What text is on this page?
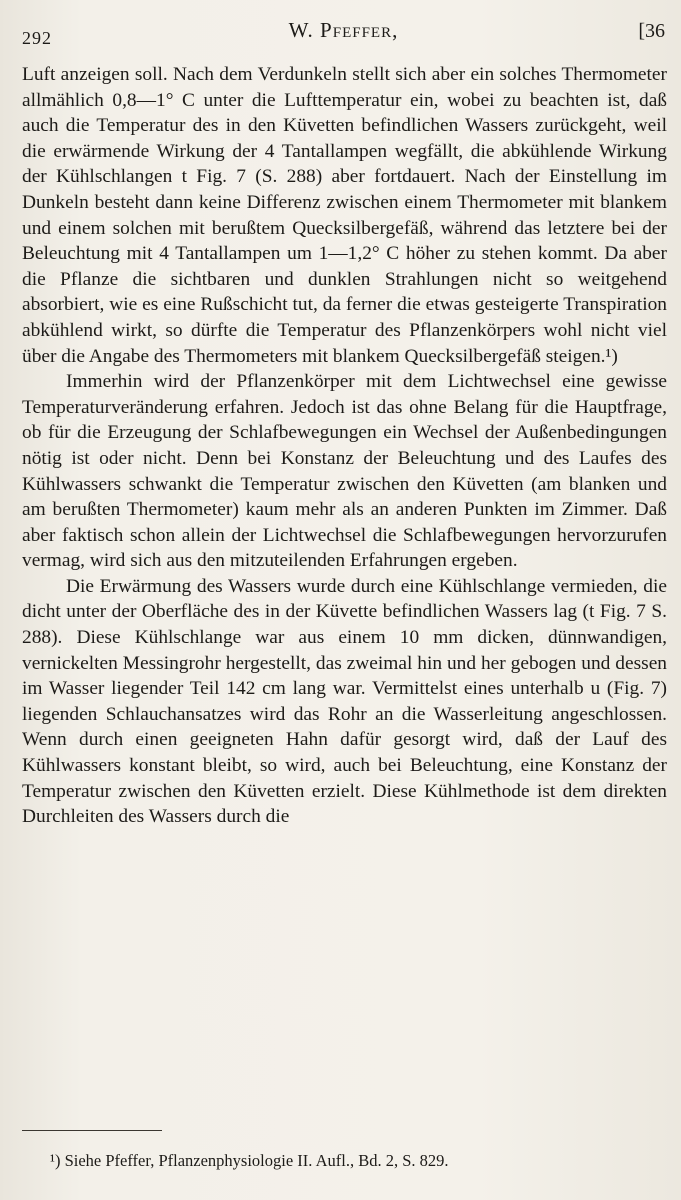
292	W. Pfeffer,	[36

Luft anzeigen soll. Nach dem Verdunkeln stellt sich aber ein solches Thermometer allmählich 0,8—1° C unter die Lufttemperatur ein, wobei zu beachten ist, daß auch die Temperatur des in den Küvetten befindlichen Wassers zurückgeht, weil die erwärmende Wirkung der 4 Tantallampen wegfällt, die abkühlende Wirkung der Kühlschlangen t Fig. 7 (S. 288) aber fortdauert. Nach der Einstellung im Dunkeln besteht dann keine Differenz zwischen einem Thermometer mit blankem und einem solchen mit berußtem Quecksilbergefäß, während das letztere bei der Beleuchtung mit 4 Tantallampen um 1—1,2° C höher zu stehen kommt. Da aber die Pflanze die sichtbaren und dunklen Strahlungen nicht so weitgehend absorbiert, wie es eine Rußschicht tut, da ferner die etwas gesteigerte Transpiration abkühlend wirkt, so dürfte die Temperatur des Pflanzenkörpers wohl nicht viel über die Angabe des Thermometers mit blankem Quecksilbergefäß steigen.¹)

Immerhin wird der Pflanzenkörper mit dem Lichtwechsel eine gewisse Temperaturveränderung erfahren. Jedoch ist das ohne Belang für die Hauptfrage, ob für die Erzeugung der Schlafbewegungen ein Wechsel der Außenbedingungen nötig ist oder nicht. Denn bei Konstanz der Beleuchtung und des Laufes des Kühlwassers schwankt die Temperatur zwischen den Küvetten (am blanken und am berußten Thermometer) kaum mehr als an anderen Punkten im Zimmer. Daß aber faktisch schon allein der Lichtwechsel die Schlafbewegungen hervorzurufen vermag, wird sich aus den mitzuteilenden Erfahrungen ergeben.

Die Erwärmung des Wassers wurde durch eine Kühlschlange vermieden, die dicht unter der Oberfläche des in der Küvette befindlichen Wassers lag (t Fig. 7 S. 288). Diese Kühlschlange war aus einem 10 mm dicken, dünnwandigen, vernickelten Messingrohr hergestellt, das zweimal hin und her gebogen und dessen im Wasser liegender Teil 142 cm lang war. Vermittelst eines unterhalb u (Fig. 7) liegenden Schlauchansatzes wird das Rohr an die Wasserleitung angeschlossen. Wenn durch einen geeigneten Hahn dafür gesorgt wird, daß der Lauf des Kühlwassers konstant bleibt, so wird, auch bei Beleuchtung, eine Konstanz der Temperatur zwischen den Küvetten erzielt. Diese Kühlmethode ist dem direkten Durchleiten des Wassers durch die

¹) Siehe Pfeffer, Pflanzenphysiologie II. Aufl., Bd. 2, S. 829.
